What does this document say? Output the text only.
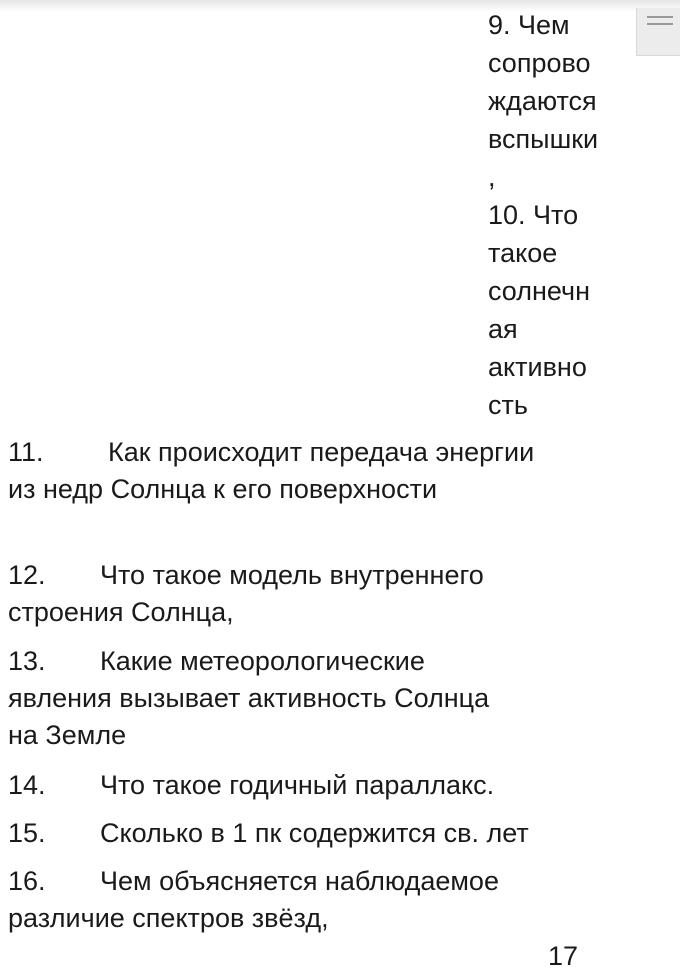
9. Чем
сопрово
ждаются
вспышки
,
10. Что
такое
солнечн
ая
активно
сть
11. Как происходит передача энергии
из недр Солнца к его поверхности
12. Что такое модель внутреннего
строения Солнца,
13. Какие метеорологические
явления вызывает активность Солнца
на Земле
14. Что такое годичный параллакс.
15. Сколько в 1 пк содержится св. лет
16. Чем объясняется наблюдаемое
различие спектров звёзд,
17
